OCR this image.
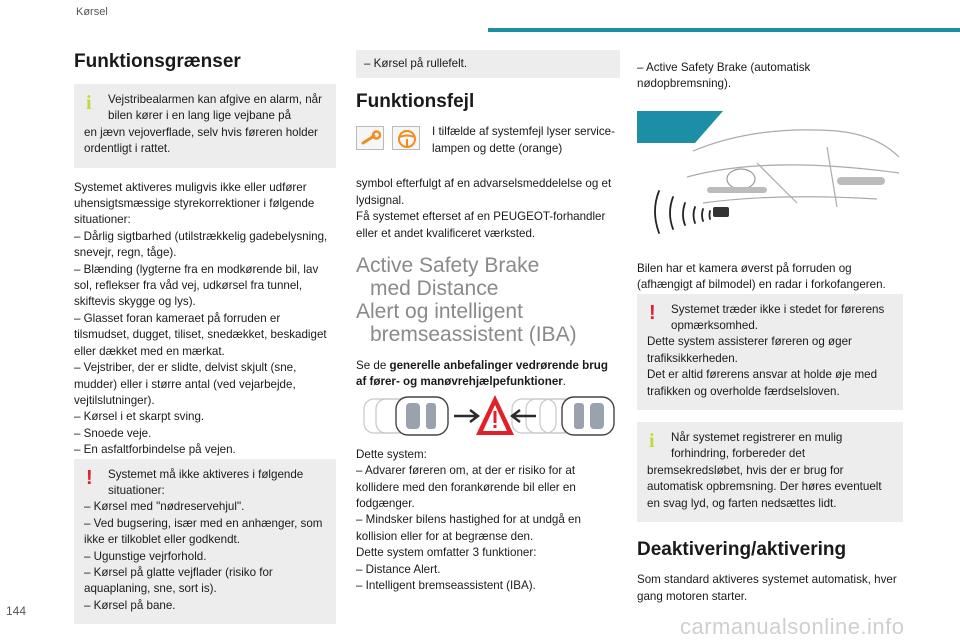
Kørsel
Funktionsgrænser
i	Vejstribealarmen kan afgive en alarm, når bilen kører i en lang lige vejbane på

en jævn vejoverflade, selv hvis føreren holder ordentligt i rattet.

Systemet aktiveres muligvis ikke eller udfører uhensigtsmæssige styrekorrektioner i følgende situationer:
– Dårlig sigtbarhed (utilstrækkelig gadebelysning, snevejr, regn, tåge).
– Blænding (lygterne fra en modkørende bil, lav sol, reflekser fra våd vej, udkørsel fra tunnel, skiftevis skygge og lys).
– Glasset foran kameraet på forruden er tilsmudset, dugget, tiliset, snedækket, beskadiget eller dækket med en mærkat.
– Vejstriber, der er slidte, delvist skjult (sne, mudder) eller i større antal (ved vejarbejde, vejtilslutninger).
– Kørsel i et skarpt sving.
– Snoede veje.
– En asfaltforbindelse på vejen.

!	Systemet må ikke aktiveres i følgende situationer:

– Kørsel med "nødreservehjul".
– Ved bugsering, især med en anhænger, som ikke er tilkoblet eller godkendt.
– Ugunstige vejrforhold.
– Kørsel på glatte vejflader (risiko for aquaplaning, sne, sort is).
– Kørsel på bane.

– Kørsel på rullefelt.

Funktionsfejl

I tilfælde af systemfejl lyser service-lampen og dette (orange)

symbol efterfulgt af en advarselsmeddelelse og et lydsignal.
Få systemet efterset af en PEUGEOT-forhandler eller et andet kvalificeret værksted.

Active Safety Brake
med Distance
Alert og intelligent
bremseassistent (IBA)

Se de generelle anbefalinger vedrørende brug af fører- og manøvrehjælpefunktioner.

Dette system:
– Advarer føreren om, at der er risiko for at kollidere med den forankørende bil eller en fodgænger.
– Mindsker bilens hastighed for at undgå en kollision eller for at begrænse den.
Dette system omfatter 3 funktioner:
– Distance Alert.
– Intelligent bremseassistent (IBA).

– Active Safety Brake (automatisk nødopbremsning).

Bilen har et kamera øverst på forruden og (afhængigt af bilmodel) en radar i forkofangeren.

!	Systemet træder ikke i stedet for førerens opmærksomhed.

Dette system assisterer føreren og øger trafiksikkerheden.
Det er altid førerens ansvar at holde øje med trafikken og overholde færdselsloven.

i	Når systemet registrerer en mulig forhindring, forbereder det

bremsekredsløbet, hvis der er brug for automatisk opbremsning. Der høres eventuelt en svag lyd, og farten nedsættes lidt.

Deaktivering/aktivering

Som standard aktiveres systemet automatisk, hver gang motoren starter.

144
carmanualsonline.info
